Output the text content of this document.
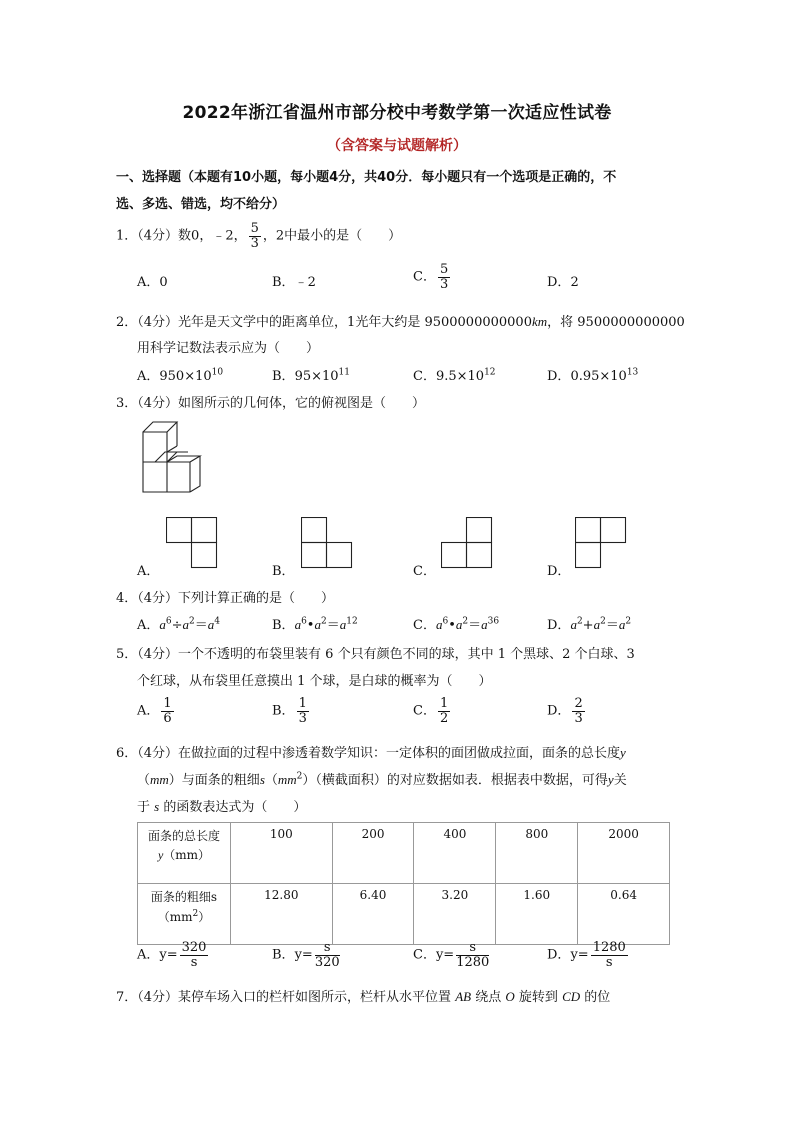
2022年浙江省温州市部分校中考数学第一次适应性试卷
（含答案与试题解析）
一、选择题（本题有10小题，每小题4分，共40分．每小题只有一个选项是正确的，不
选、多选、错选，均不给分）
1．（4分）数0，﹣2， $\frac{5}{3}$ ，2中最小的是（　　）
A．0	B．﹣2	C． $\frac{5}{3}$	D．2
2．（4分）光年是天文学中的距离单位，1光年大约是 9500000000000km，将 9500000000000
用科学记数法表示应为（　　）
A．$950\times 10^{10}$	B．$95\times 10^{11}$	C．$9.5\times 10^{12}$	D．$0.95\times 10^{13}$
3．（4分）如图所示的几何体，它的俯视图是（　　）
A．	B．	C．	D．
4．（4分）下列计算正确的是（　　）
A．$a^6\div a^2=a^4$	B．$a^6•a^2=a^{12}$	C．$a^6•a^2=a^{36}$	D．$a^2+a^2=a^2$
5．（4分）一个不透明的布袋里装有 6 个只有颜色不同的球，其中 1 个黑球、2 个白球、3
个红球，从布袋里任意摸出 1 个球，是白球的概率为（　　）
A． $\frac{1}{6}$	B． $\frac{1}{3}$	C． $\frac{1}{2}$	D． $\frac{2}{3}$
6．（4分）在做拉面的过程中渗透着数学知识：一定体积的面团做成拉面，面条的总长度y
（mm）与面条的粗细$s(mm^2)$（横截面积）的对应数据如表．根据表中数据，可得y关
于 s 的函数表达式为（　　）
面条的总长度
y（mm）	100	200	400	800	2000
面条的粗细s
$(mm^2)$	12.80	6.40	3.20	1.60	0.64
A．$y= \frac{320}{s}$	B．$y= \frac{s}{320}$	C．$y= \frac{s}{1280}$	D．$y= \frac{1280}{s}$
7．（4分）某停车场入口的栏杆如图所示，栏杆从水平位置 AB 绕点 O 旋转到 CD 的位
